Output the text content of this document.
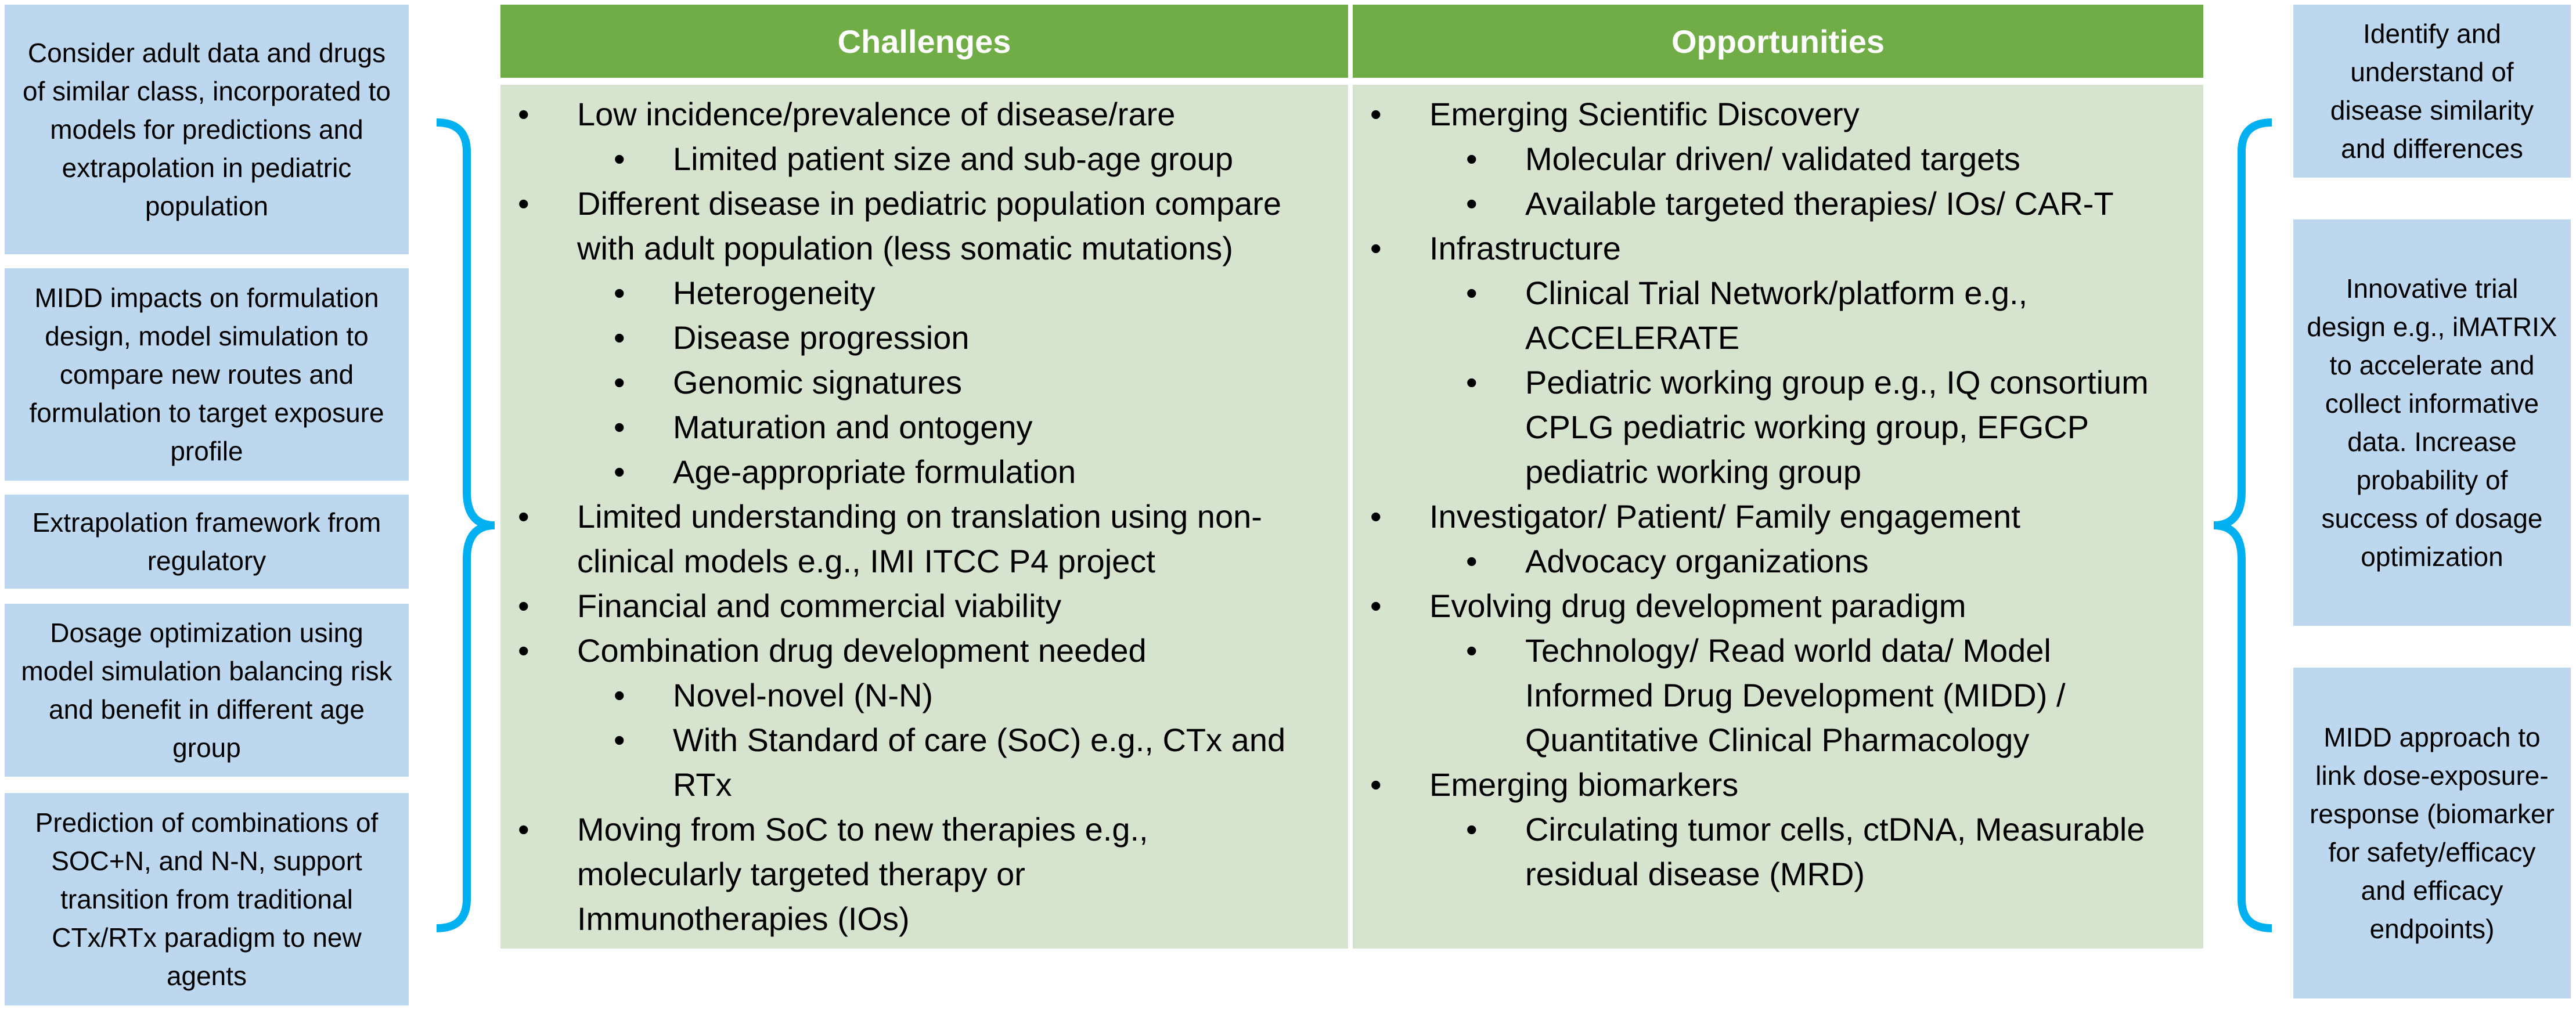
Consider adult data and drugs of similar class, incorporated to models for predictions and extrapolation in pediatric population
MIDD impacts on formulation design, model simulation to compare new routes and formulation to target exposure profile
Extrapolation framework from regulatory
Dosage optimization using model simulation balancing risk and benefit in different age group
Prediction of combinations of SOC+N, and N-N, support transition from traditional CTx/RTx paradigm to new agents
Challenges
• Low incidence/prevalence of disease/rare
• Limited patient size and sub-age group
• Different disease in pediatric population compare
with adult population (less somatic mutations)
• Heterogeneity
• Disease progression
• Genomic signatures
• Maturation and ontogeny
• Age-appropriate formulation
• Limited understanding on translation using non-
clinical models e.g., IMI ITCC P4 project
• Financial and commercial viability
• Combination drug development needed
• Novel-novel (N-N)
• With Standard of care (SoC) e.g., CTx and
RTx
• Moving from SoC to new therapies e.g.,
molecularly targeted therapy or
Immunotherapies (IOs)
Opportunities
• Emerging Scientific Discovery
• Molecular driven/ validated targets
• Available targeted therapies/ IOs/ CAR-T
• Infrastructure
• Clinical Trial Network/platform e.g.,
ACCELERATE
• Pediatric working group e.g., IQ consortium
CPLG pediatric working group, EFGCP
pediatric working group
• Investigator/ Patient/ Family engagement
• Advocacy organizations
• Evolving drug development paradigm
• Technology/ Read world data/ Model
Informed Drug Development (MIDD) /
Quantitative Clinical Pharmacology
• Emerging biomarkers
• Circulating tumor cells, ctDNA, Measurable
residual disease (MRD)
Identify and understand of disease similarity and differences
Innovative trial design e.g., iMATRIX to accelerate and collect informative data. Increase probability of success of dosage optimization
MIDD approach to link dose-exposure-response (biomarker for safety/efficacy and efficacy endpoints)
